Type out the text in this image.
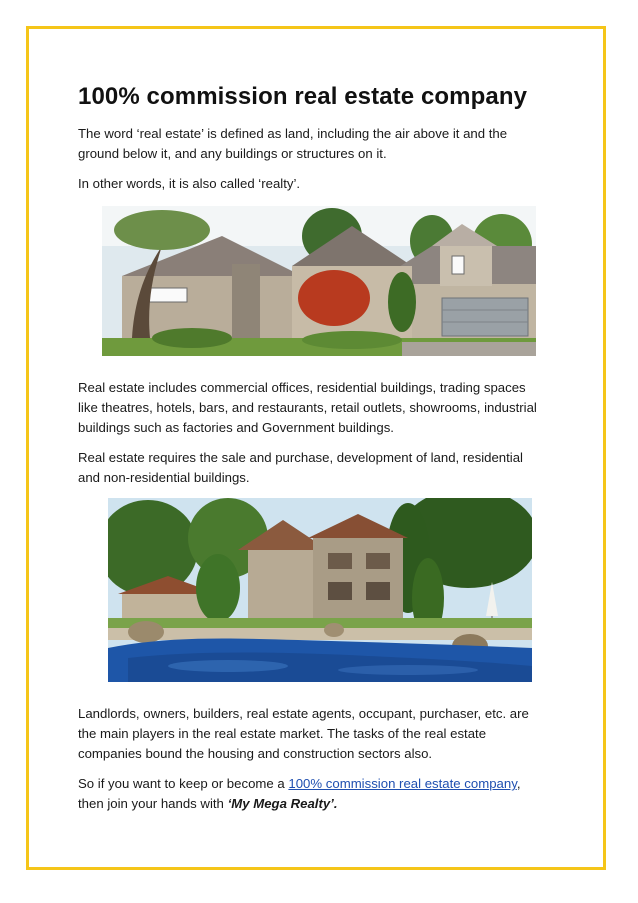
100% commission real estate company

The word ‘real estate’ is defined as land, including the air above it and the ground below it, and any buildings or structures on it.

In other words, it is also called ‘realty’.

Real estate includes commercial offices, residential buildings, trading spaces like theatres, hotels, bars, and restaurants, retail outlets, showrooms, industrial buildings such as factories and Government buildings.

Real estate requires the sale and purchase, development of land, residential and non-residential buildings.

Landlords, owners, builders, real estate agents, occupant, purchaser, etc. are the main players in the real estate market. The tasks of the real estate companies bound the housing and construction sectors also.

So if you want to keep or become a 100% commission real estate company, then join your hands with ‘My Mega Realty’.
